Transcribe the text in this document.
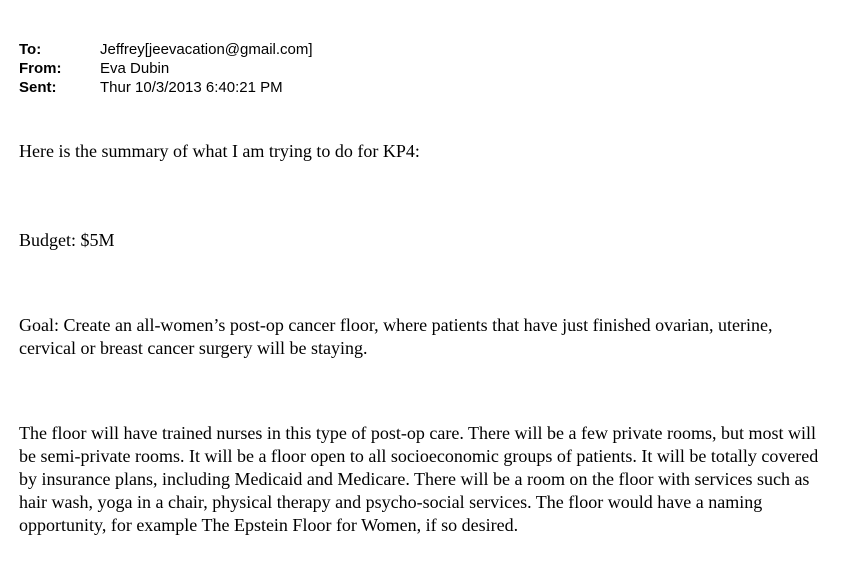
To:	Jeffrey[jeevacation@gmail.com]
From:	Eva Dubin
Sent:	Thur 10/3/2013 6:40:21 PM

Here is the summary of what I am trying to do for KP4:

Budget: $5M

Goal: Create an all-women’s post-op cancer floor, where patients that have just finished ovarian, uterine, cervical or breast cancer surgery will be staying.

The floor will have trained nurses in this type of post-op care. There will be a few private rooms, but most will be semi-private rooms. It will be a floor open to all socioeconomic groups of patients. It will be totally covered by insurance plans, including Medicaid and Medicare. There will be a room on the floor with services such as hair wash, yoga in a chair, physical therapy and psycho-social services. The floor would have a naming opportunity, for example The Epstein Floor for Women, if so desired.
